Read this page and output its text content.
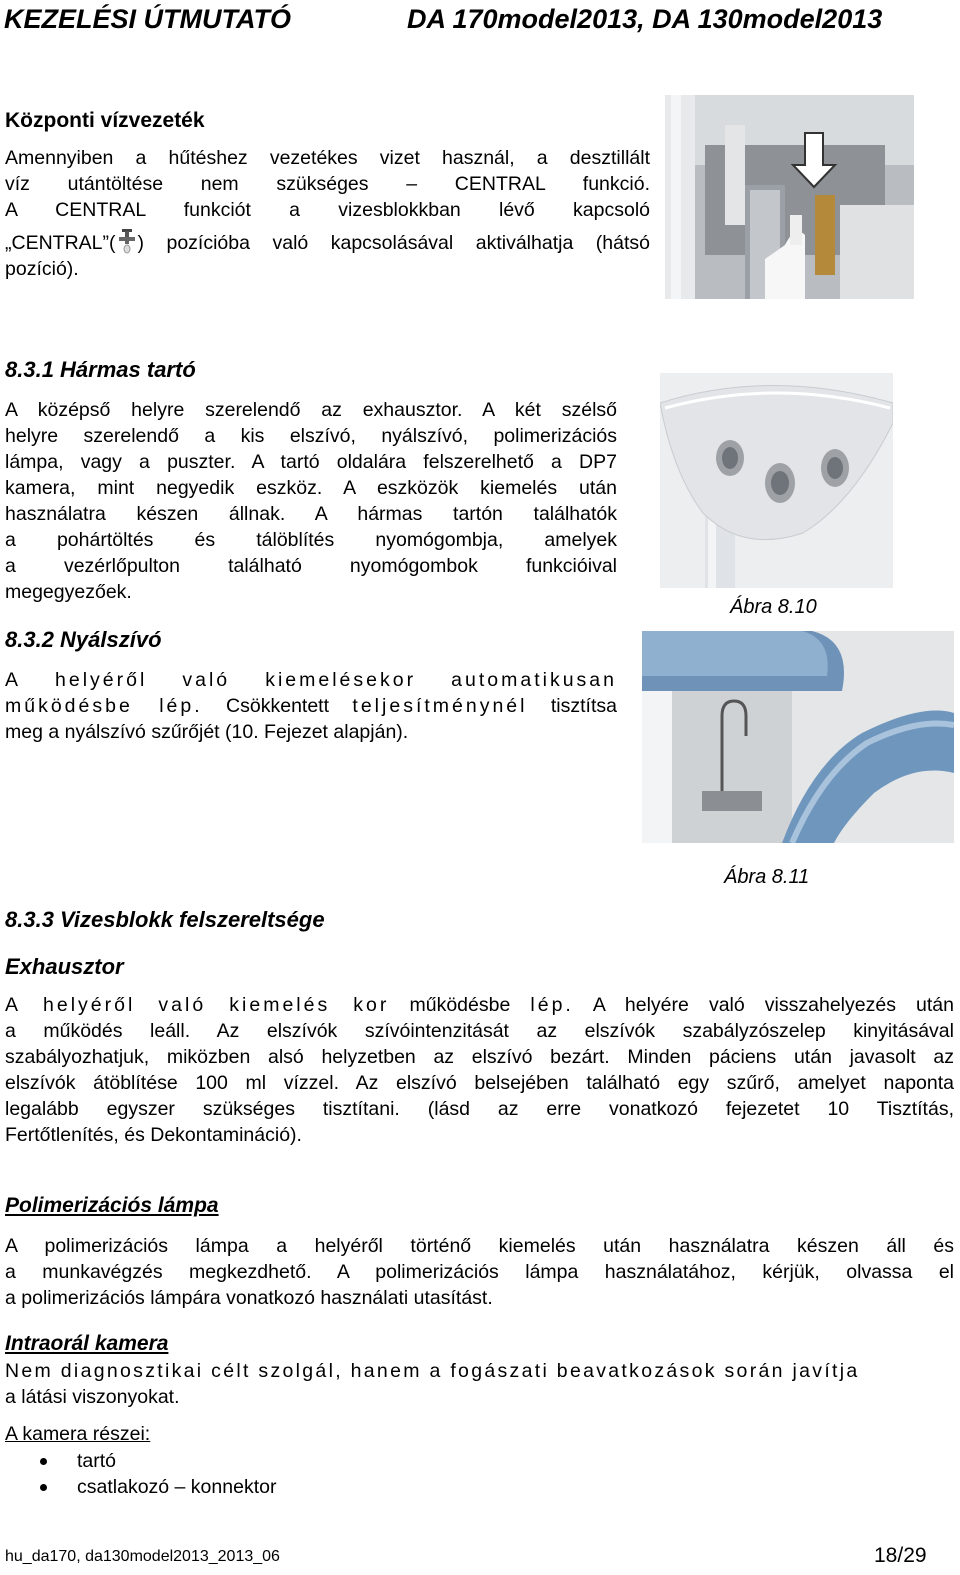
KEZELÉSI ÚTMUTATÓ	DA 170model2013, DA 130model2013
Központi vízvezeték
Amennyiben a hűtéshez vezetékes vizet használ, a desztillált
víz utántöltése nem szükséges – CENTRAL funkció.
A CENTRAL funkciót a vizesblokkban lévő kapcsoló
„CENTRAL”( ) pozícióba való kapcsolásával aktiválhatja (hátsó
pozíció).
8.3.1 Hármas tartó
A középső helyre szerelendő az exhausztor. A két szélső
helyre szerelendő a kis elszívó, nyálszívó, polimerizációs
lámpa, vagy a puszter. A tartó oldalára felszerelhető a DP7
kamera, mint negyedik eszköz. A eszközök kiemelés után
használatra készen állnak. A hármas tartón találhatók
a pohártöltés és tálöblítés nyomógombja, amelyek
a vezérlőpulton található nyomógombok funkcióival
megegyezőek.
Ábra 8.10
8.3.2 Nyálszívó
A helyéről való kiemelésekor automatikusan
működésbe lép. Csökkentett teljesítménynél tisztítsa
meg a nyálszívó szűrőjét (10. Fejezet alapján).
Ábra 8.11
8.3.3 Vizesblokk felszereltsége
Exhausztor
A helyéről való kiemelés kor működésbe lép. A helyére való visszahelyezés után
a működés leáll. Az elszívók szívóintenzitását az elszívók szabályzószelep kinyitásával
szabályozhatjuk, miközben alsó helyzetben az elszívó bezárt. Minden páciens után javasolt az
elszívók átöblítése 100 ml vízzel. Az elszívó belsejében található egy szűrő, amelyet naponta
legalább egyszer szükséges tisztítani. (lásd az erre vonatkozó fejezetet 10 Tisztítás,
Fertőtlenítés, és Dekontamináció).
Polimerizációs lámpa
A polimerizációs lámpa a helyéről történő kiemelés után használatra készen áll és
a munkavégzés megkezdhető. A polimerizációs lámpa használatához, kérjük, olvassa el
a polimerizációs lámpára vonatkozó használati utasítást.
Intraorál kamera
Nem diagnosztikai célt szolgál, hanem a fogászati beavatkozások során javítja
a látási viszonyokat.
A kamera részei:
tartó
csatlakozó – konnektor
hu_da170, da130model2013_2013_06	18/29
